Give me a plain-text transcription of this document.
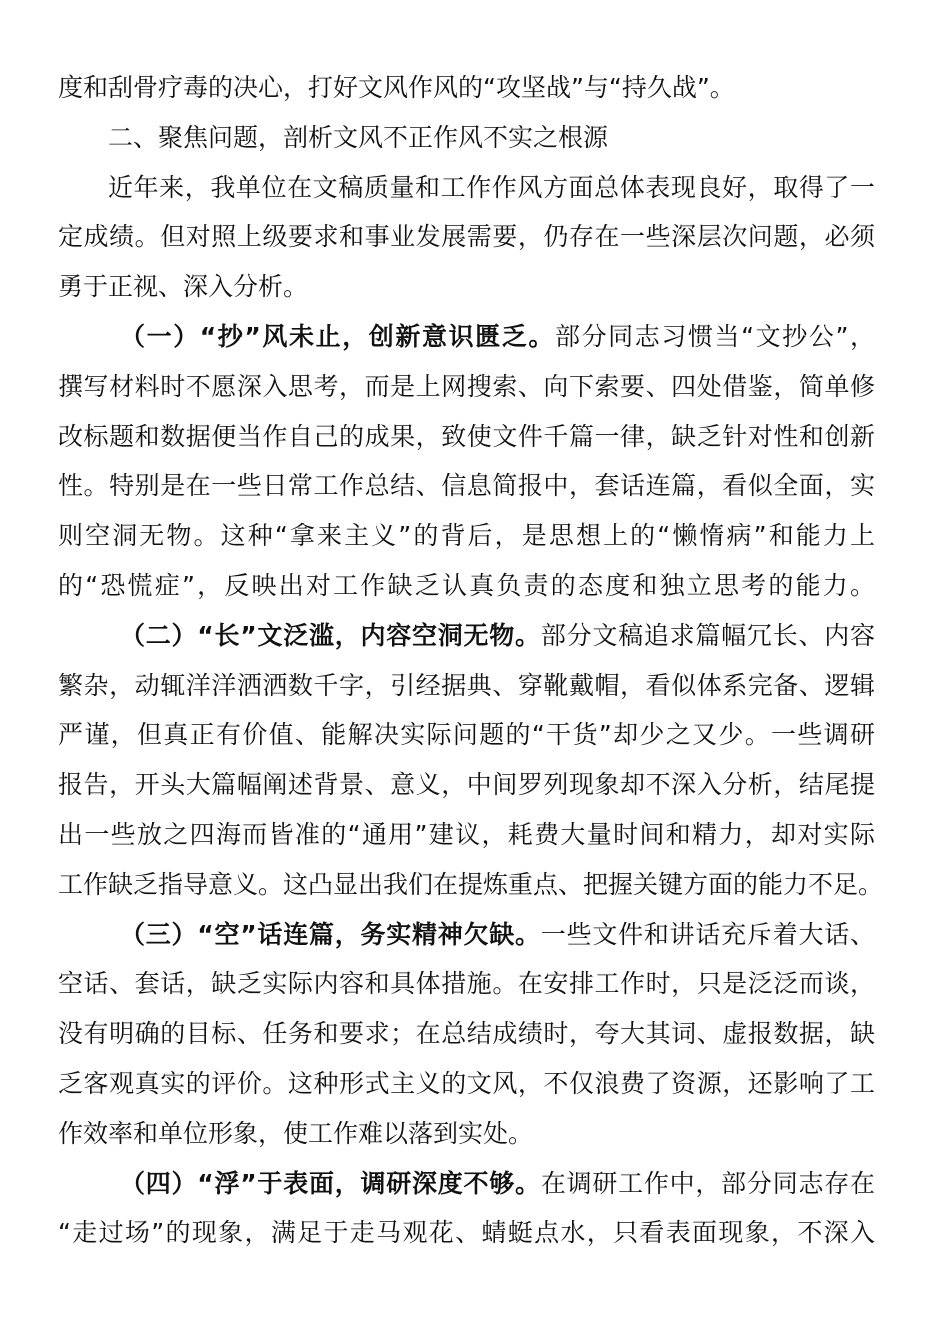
度和刮骨疗毒的决心，打好文风作风的“攻坚战”与“持久战”。
二、聚焦问题，剖析文风不正作风不实之根源
近年来，我单位在文稿质量和工作作风方面总体表现良好，取得了一
定成绩。但对照上级要求和事业发展需要，仍存在一些深层次问题，必须
勇于正视、深入分析。
（一）“抄”风未止，创新意识匮乏。部分同志习惯当“文抄公”，
撰写材料时不愿深入思考，而是上网搜索、向下索要、四处借鉴，简单修
改标题和数据便当作自己的成果，致使文件千篇一律，缺乏针对性和创新
性。特别是在一些日常工作总结、信息简报中，套话连篇，看似全面，实
则空洞无物。这种“拿来主义”的背后，是思想上的“懒惰病”和能力上
的“恐慌症”，反映出对工作缺乏认真负责的态度和独立思考的能力。
（二）“长”文泛滥，内容空洞无物。部分文稿追求篇幅冗长、内容
繁杂，动辄洋洋洒洒数千字，引经据典、穿靴戴帽，看似体系完备、逻辑
严谨，但真正有价值、能解决实际问题的“干货”却少之又少。一些调研
报告，开头大篇幅阐述背景、意义，中间罗列现象却不深入分析，结尾提
出一些放之四海而皆准的“通用”建议，耗费大量时间和精力，却对实际
工作缺乏指导意义。这凸显出我们在提炼重点、把握关键方面的能力不足。
（三）“空”话连篇，务实精神欠缺。一些文件和讲话充斥着大话、
空话、套话，缺乏实际内容和具体措施。在安排工作时，只是泛泛而谈，
没有明确的目标、任务和要求；在总结成绩时，夸大其词、虚报数据，缺
乏客观真实的评价。这种形式主义的文风，不仅浪费了资源，还影响了工
作效率和单位形象，使工作难以落到实处。
（四）“浮”于表面，调研深度不够。在调研工作中，部分同志存在
“走过场”的现象，满足于走马观花、蜻蜓点水，只看表面现象，不深入
